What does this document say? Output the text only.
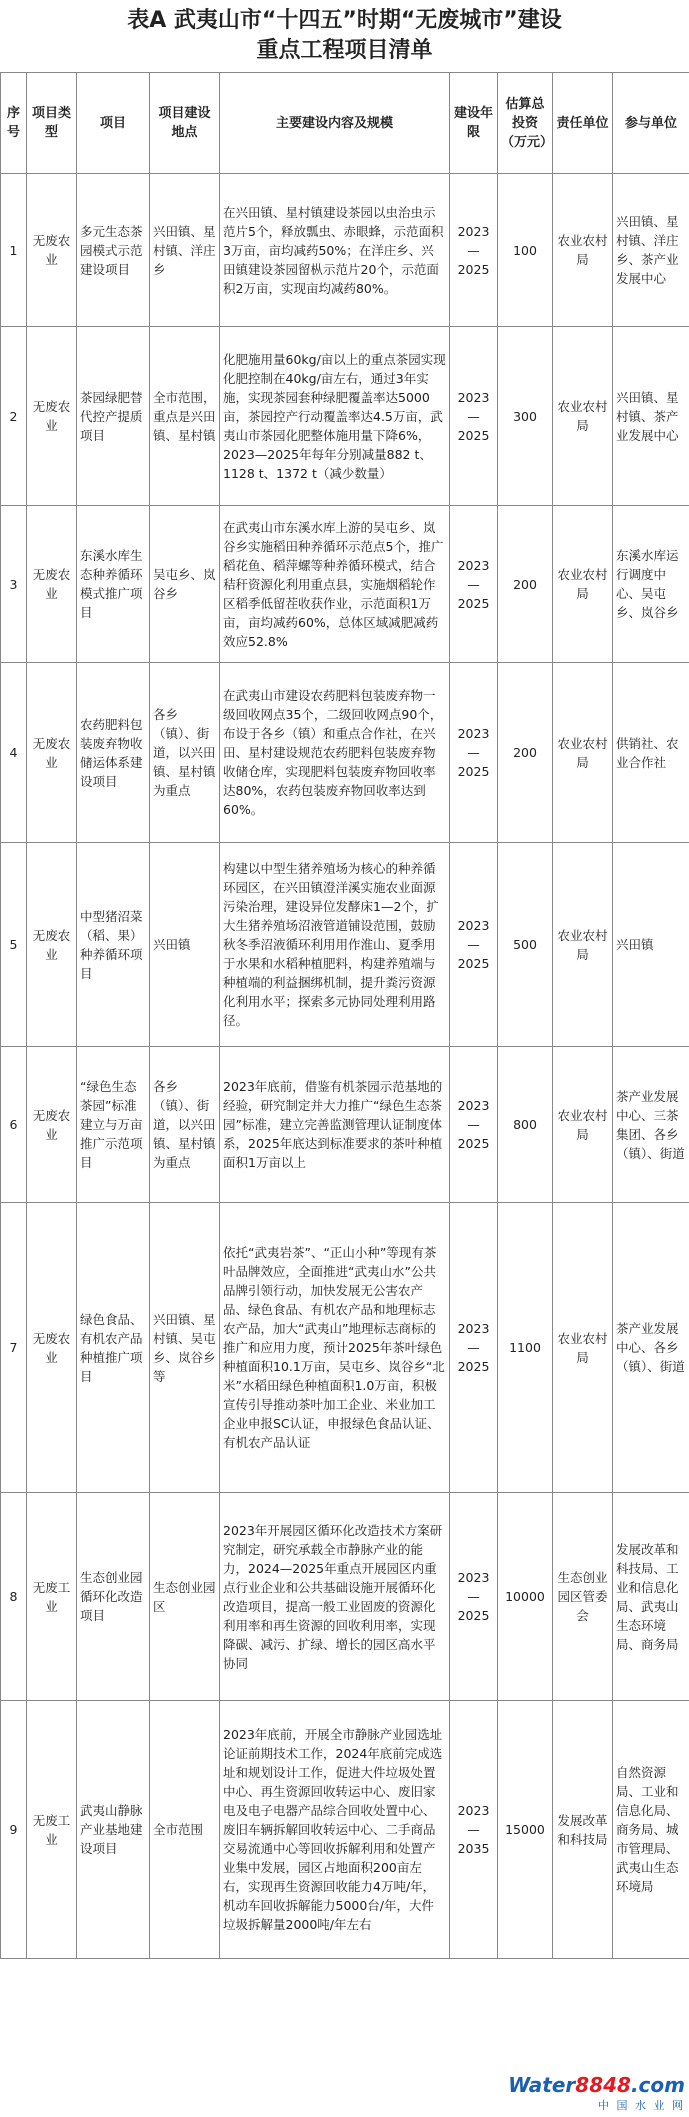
表A 武夷山市“十四五”时期“无废城市”建设
重点工程项目清单
序号	项目类型	项目	项目建设地点	主要建设内容及规模	建设年限	估算总投资（万元）	责任单位	参与单位
1	无废农业	多元生态茶园模式示范建设项目	兴田镇、星村镇、洋庄乡	在兴田镇、星村镇建设茶园以虫治虫示范片5个，释放瓢虫、赤眼蜂，示范面积3万亩，亩均减药50%；在洋庄乡、兴田镇建设茶园留枞示范片20个，示范面积2万亩，实现亩均减药80%。	2023—2025	100	农业农村局	兴田镇、星村镇、洋庄乡、茶产业发展中心
2	无废农业	茶园绿肥替代控产提质项目	全市范围，重点是兴田镇、星村镇	化肥施用量60kg/亩以上的重点茶园实现化肥控制在40kg/亩左右，通过3年实施，实现茶园套种绿肥覆盖率达5000亩，茶园控产行动覆盖率达4.5万亩，武夷山市茶园化肥整体施用量下降6%，2023—2025年每年分别减量882 t、1128 t、1372 t（减少数量）	2023—2025	300	农业农村局	兴田镇、星村镇、茶产业发展中心
3	无废农业	东溪水库生态种养循环模式推广项目	吴屯乡、岚谷乡	在武夷山市东溪水库上游的吴屯乡、岚谷乡实施稻田种养循环示范点5个，推广稻花鱼、稻萍螺等种养循环模式，结合秸秆资源化利用重点县，实施烟稻轮作区稻季低留茬收获作业，示范面积1万亩，亩均减药60%，总体区域减肥减药效应52.8%	2023—2025	200	农业农村局	东溪水库运行调度中心、吴屯乡、岚谷乡
4	无废农业	农药肥料包装废弃物收储运体系建设项目	各乡（镇）、街道，以兴田镇、星村镇为重点	在武夷山市建设农药肥料包装废弃物一级回收网点35个，二级回收网点90个，布设于各乡（镇）和重点合作社，在兴田、星村建设规范农药肥料包装废弃物收储仓库，实现肥料包装废弃物回收率达80%，农药包装废弃物回收率达到60%。	2023—2025	200	农业农村局	供销社、农业合作社
5	无废农业	中型猪沼菜（稻、果）种养循环项目	兴田镇	构建以中型生猪养殖场为核心的种养循环园区，在兴田镇澄洋溪实施农业面源污染治理，建设异位发酵床1—2个，扩大生猪养殖场沼液管道铺设范围，鼓励秋冬季沼液循环利用用作淮山、夏季用于水果和水稻种植肥料，构建养殖端与种植端的利益捆绑机制，提升粪污资源化利用水平；探索多元协同处理利用路径。	2023—2025	500	农业农村局	兴田镇
6	无废农业	“绿色生态茶园”标准建立与万亩推广示范项目	各乡（镇）、街道，以兴田镇、星村镇为重点	2023年底前，借鉴有机茶园示范基地的经验，研究制定并大力推广“绿色生态茶园”标准，建立完善监测管理认证制度体系，2025年底达到标准要求的茶叶种植面积1万亩以上	2023—2025	800	农业农村局	茶产业发展中心、三茶集团、各乡（镇）、街道
7	无废农业	绿色食品、有机农产品种植推广项目	兴田镇、星村镇、吴屯乡、岚谷乡等	依托“武夷岩茶”、“正山小种”等现有茶叶品牌效应，全面推进“武夷山水”公共品牌引领行动，加快发展无公害农产品、绿色食品、有机农产品和地理标志农产品，加大“武夷山”地理标志商标的推广和应用力度，预计2025年茶叶绿色种植面积10.1万亩，吴屯乡、岚谷乡“北米”水稻田绿色种植面积1.0万亩，积极宣传引导推动茶叶加工企业、米业加工企业申报SC认证，申报绿色食品认证、有机农产品认证	2023—2025	1100	农业农村局	茶产业发展中心、各乡（镇）、街道
8	无废工业	生态创业园循环化改造项目	生态创业园区	2023年开展园区循环化改造技术方案研究制定，研究承载全市静脉产业的能力，2024—2025年重点开展园区内重点行业企业和公共基础设施开展循环化改造项目，提高一般工业固废的资源化利用率和再生资源的回收利用率，实现降碳、减污、扩绿、增长的园区高水平协同	2023—2025	10000	生态创业园区管委会	发展改革和科技局、工业和信息化局、武夷山生态环境局、商务局
9	无废工业	武夷山静脉产业基地建设项目	全市范围	2023年底前，开展全市静脉产业园选址论证前期技术工作，2024年底前完成选址和规划设计工作，促进大件垃圾处置中心、再生资源回收转运中心、废旧家电及电子电器产品综合回收处置中心、废旧车辆拆解回收转运中心、二手商品交易流通中心等回收拆解利用和处置产业集中发展，园区占地面积200亩左右，实现再生资源回收能力4万吨/年，机动车回收拆解能力5000台/年，大件垃圾拆解量2000吨/年左右	2023—2035	15000	发展改革和科技局	自然资源局、工业和信息化局、商务局、城市管理局、武夷山生态环境局
Water8848.com
中 国 水 业 网
